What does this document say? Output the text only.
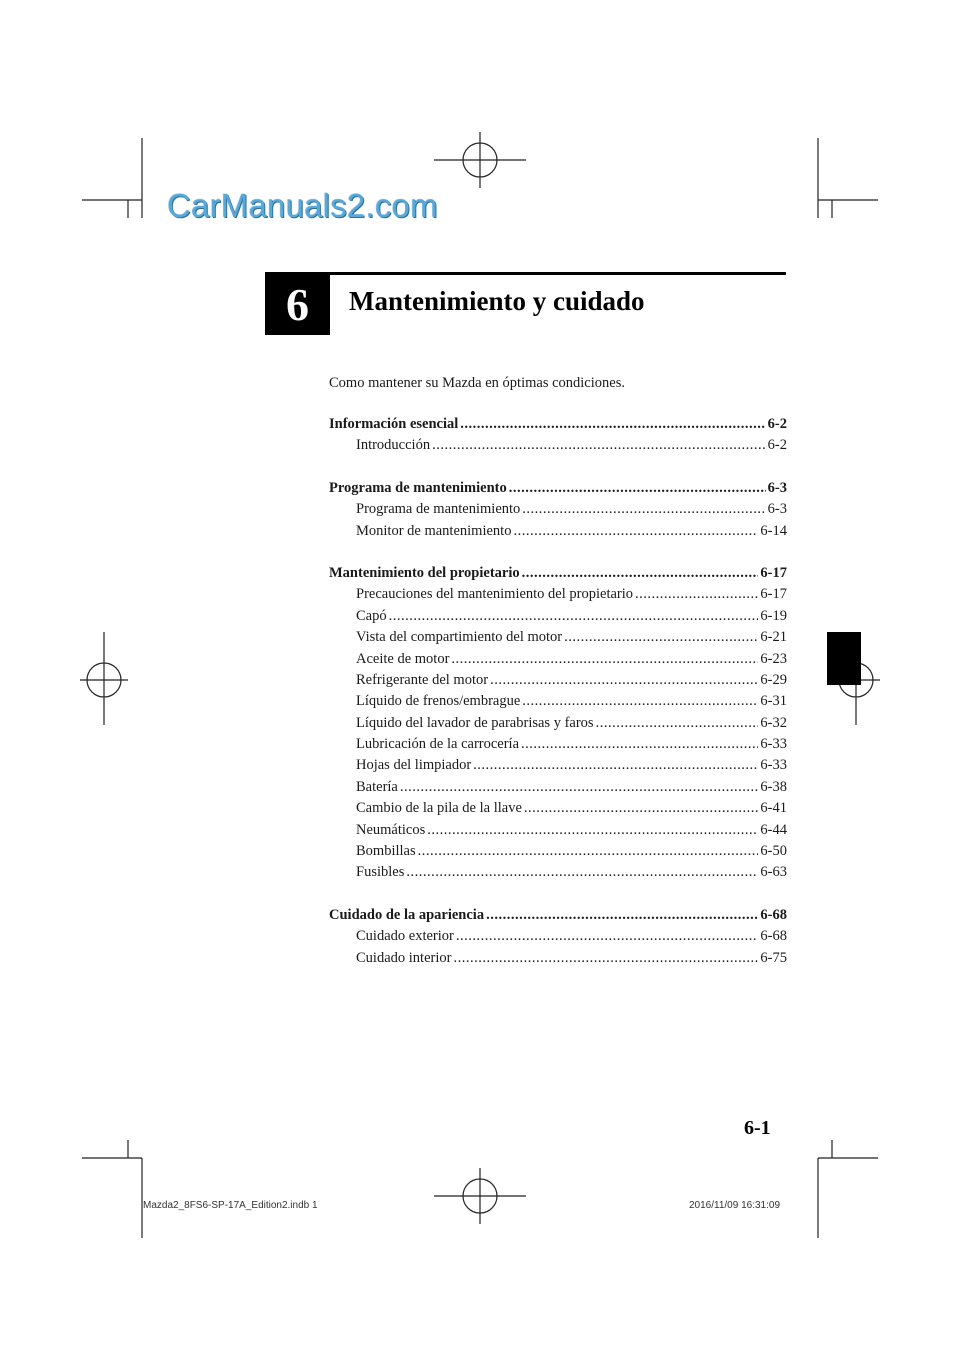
CarManuals2.com
6 Mantenimiento y cuidado
Como mantener su Mazda en óptimas condiciones.
Información esencial .....	6-2
Introducción .....	6-2
Programa de mantenimiento .....	6-3
Programa de mantenimiento .....	6-3
Monitor de mantenimiento .....	6-14
Mantenimiento del propietario .....	6-17
Precauciones del mantenimiento del propietario .....	6-17
Capó .....	6-19
Vista del compartimiento del motor .....	6-21
Aceite de motor .....	6-23
Refrigerante del motor .....	6-29
Líquido de frenos/embrague .....	6-31
Líquido del lavador de parabrisas y faros .....	6-32
Lubricación de la carrocería .....	6-33
Hojas del limpiador .....	6-33
Batería .....	6-38
Cambio de la pila de la llave .....	6-41
Neumáticos .....	6-44
Bombillas .....	6-50
Fusibles .....	6-63
Cuidado de la apariencia .....	6-68
Cuidado exterior .....	6-68
Cuidado interior .....	6-75
6-1
Mazda2_8FS6-SP-17A_Edition2.indb 1	2016/11/09 16:31:09
